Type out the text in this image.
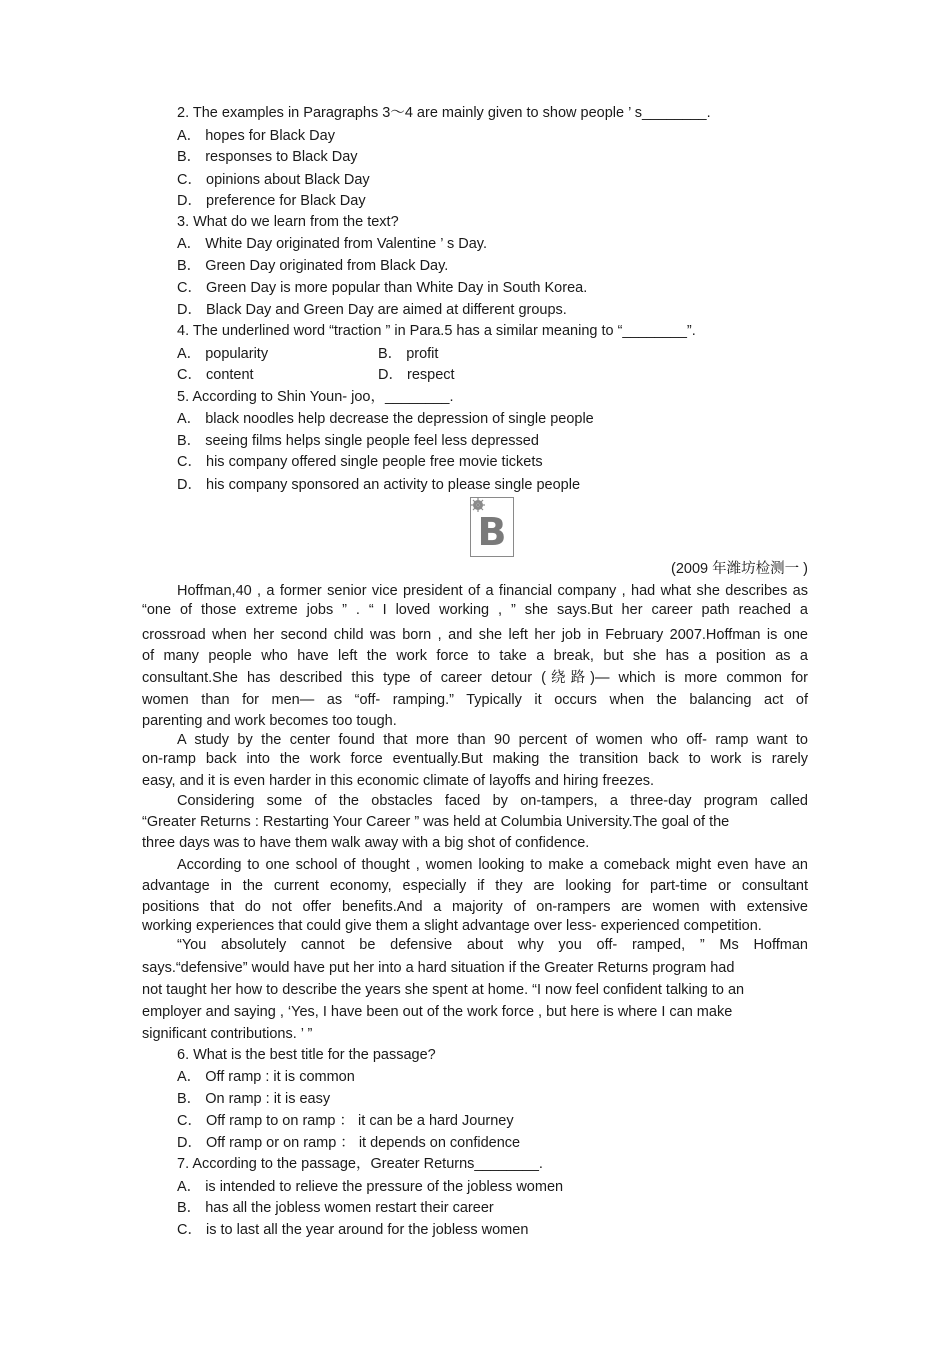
2. The examples in Paragraphs 3～4 are mainly given to show people ’ s________.
A． hopes for Black Day
B． responses to Black Day
C． opinions about Black Day
D． preference for Black Day
3. What do we learn from the text?
A． White Day originated from Valentine ’ s Day.
B． Green Day originated from Black Day.
C． Green Day is more popular than White Day in South Korea.
D． Black Day and Green Day are aimed at different groups.
4. The underlined word “traction ” in Para.5 has a similar meaning to “________”.
A． popularity	B． profit
C． content	D． respect
5. According to Shin Youn- joo，________.
A． black noodles help decrease the depression of single people
B． seeing films helps single people feel less depressed
C． his company offered single people free movie tickets
D． his company sponsored an activity to please single people
B
(2009 年潍坊检测一 )
Hoffman,40 , a former senior vice president of a financial company , had what she describes as
“one of those extreme jobs ” . “ I loved working , ” she says.But her career path reached a
crossroad when her second child was born , and she left her job in February 2007.Hoffman is one
of many people who have left the work force to take a break, but she has a position as a
consultant.She has described this type of career detour (绕路)— which is more common for
women than for men— as “off- ramping.” Typically it occurs when the balancing act of
parenting and work becomes too tough.
A study by the center found that more than 90 percent of women who off- ramp want to
on-ramp back into the work force eventually.But making the transition back to work is rarely
easy, and it is even harder in this economic climate of layoffs and hiring freezes.
Considering some of the obstacles faced by on-tampers, a three-day program called
“Greater Returns : Restarting Your Career ” was held at Columbia University.The goal of the
three days was to have them walk away with a big shot of confidence.
According to one school of thought , women looking to make a comeback might even have an
advantage in the current economy, especially if they are looking for part-time or consultant
positions that do not offer benefits.And a majority of on-rampers are women with extensive
working experiences that could give them a slight advantage over less- experienced competition.
“You absolutely cannot be defensive about why you off- ramped, ” Ms Hoffman
says.“defensive” would have put her into a hard situation if the Greater Returns program had
not taught her how to describe the years she spent at home. “I now feel confident talking to an
employer and saying , ‘Yes, I have been out of the work force , but here is where I can make
significant contributions. ’ ”
6. What is the best title for the passage?
A． Off ramp : it is common
B． On ramp : it is easy
C． Off ramp to on ramp ： it can be a hard Journey
D． Off ramp or on ramp ： it depends on confidence
7. According to the passage，Greater Returns________.
A． is intended to relieve the pressure of the jobless women
B． has all the jobless women restart their career
C． is to last all the year around for the jobless women
